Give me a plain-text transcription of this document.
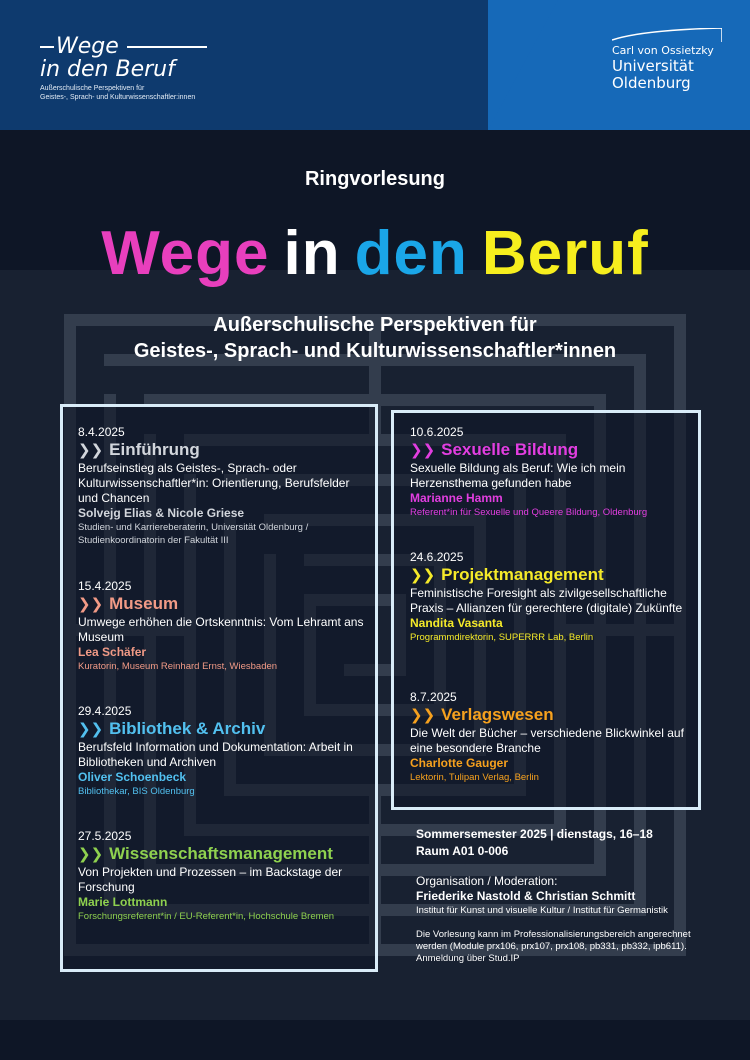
Wege
in den Beruf
Außerschulische Perspektiven für
Geistes-, Sprach- und Kulturwissenschaftler:innen
Carl von Ossietzky
Universität
Oldenburg
Ringvorlesung
Wege in den Beruf
Außerschulische Perspektiven für
Geistes-, Sprach- und Kulturwissenschaftler*innen
8.4.2025
❯❯ Einführung
Berufseinstieg als Geistes-, Sprach- oder Kulturwissenschaftler*in: Orientierung, Berufsfelder und Chancen
Solvejg Elias & Nicole Griese
Studien- und Karriereberaterin, Universität Oldenburg / Studienkoordinatorin der Fakultät III
15.4.2025
❯❯ Museum
Umwege erhöhen die Ortskenntnis: Vom Lehramt ans Museum
Lea Schäfer
Kuratorin, Museum Reinhard Ernst, Wiesbaden
29.4.2025
❯❯ Bibliothek & Archiv
Berufsfeld Information und Dokumentation: Arbeit in Bibliotheken und Archiven
Oliver Schoenbeck
Bibliothekar, BIS Oldenburg
27.5.2025
❯❯ Wissenschaftsmanagement
Von Projekten und Prozessen – im Backstage der Forschung
Marie Lottmann
Forschungsreferent*in / EU-Referent*in, Hochschule Bremen
10.6.2025
❯❯ Sexuelle Bildung
Sexuelle Bildung als Beruf: Wie ich mein Herzensthema gefunden habe
Marianne Hamm
Referent*in für Sexuelle und Queere Bildung, Oldenburg
24.6.2025
❯❯ Projektmanagement
Feministische Foresight als zivilgesellschaftliche Praxis – Allianzen für gerechtere (digitale) Zukünfte
Nandita Vasanta
Programmdirektorin, SUPERRR Lab, Berlin
8.7.2025
❯❯ Verlagswesen
Die Welt der Bücher – verschiedene Blickwinkel auf eine besondere Branche
Charlotte Gauger
Lektorin, Tulipan Verlag, Berlin
Sommersemester 2025 | dienstags, 16–18
Raum A01 0-006
Organisation / Moderation:
Friederike Nastold & Christian Schmitt
Institut für Kunst und visuelle Kultur / Institut für Germanistik
Die Vorlesung kann im Professionalisierungsbereich angerechnet werden (Module prx106, prx107, prx108, pb331, pb332, ipb611). Anmeldung über Stud.IP
